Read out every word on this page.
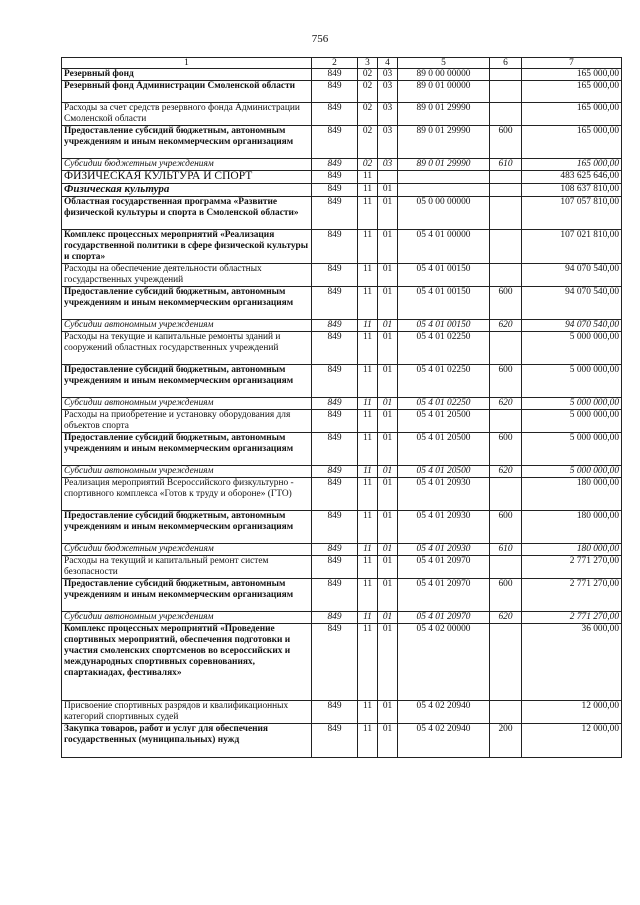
756
1	2	3	4	5	6	7
Резервный фонд	849	02	03	89 0 00 00000		165 000,00
Резервный фонд Администрации Смоленской области	849	02	03	89 0 01 00000		165 000,00
Расходы за счет средств резервного фонда Администрации Смоленской области	849	02	03	89 0 01 29990		165 000,00
Предоставление субсидий бюджетным, автономным учреждениям и иным некоммерческим организациям	849	02	03	89 0 01 29990	600	165 000,00
Субсидии бюджетным учреждениям	849	02	03	89 0 01 29990	610	165 000,00
ФИЗИЧЕСКАЯ КУЛЬТУРА И СПОРТ	849	11				483 625 646,00
Физическая культура	849	11	01			108 637 810,00
Областная государственная программа «Развитие физической культуры и спорта в Смоленской области»	849	11	01	05 0 00 00000		107 057 810,00
Комплекс процессных мероприятий «Реализация государственной политики в сфере физической культуры и спорта»	849	11	01	05 4 01 00000		107 021 810,00
Расходы на обеспечение деятельности областных государственных учреждений	849	11	01	05 4 01 00150		94 070 540,00
Предоставление субсидий бюджетным, автономным учреждениям и иным некоммерческим организациям	849	11	01	05 4 01 00150	600	94 070 540,00
Субсидии автономным учреждениям	849	11	01	05 4 01 00150	620	94 070 540,00
Расходы на текущие и капитальные ремонты зданий и сооружений областных государственных учреждений	849	11	01	05 4 01 02250		5 000 000,00
Предоставление субсидий бюджетным, автономным учреждениям и иным некоммерческим организациям	849	11	01	05 4 01 02250	600	5 000 000,00
Субсидии автономным учреждениям	849	11	01	05 4 01 02250	620	5 000 000,00
Расходы на приобретение и установку оборудования для объектов спорта	849	11	01	05 4 01 20500		5 000 000,00
Предоставление субсидий бюджетным, автономным учреждениям и иным некоммерческим организациям	849	11	01	05 4 01 20500	600	5 000 000,00
Субсидии автономным учреждениям	849	11	01	05 4 01 20500	620	5 000 000,00
Реализация мероприятий Всероссийского физкультурно - спортивного комплекса «Готов к труду и обороне» (ГТО)	849	11	01	05 4 01 20930		180 000,00
Предоставление субсидий бюджетным, автономным учреждениям и иным некоммерческим организациям	849	11	01	05 4 01 20930	600	180 000,00
Субсидии бюджетным учреждениям	849	11	01	05 4 01 20930	610	180 000,00
Расходы на текущий и капитальный ремонт систем безопасности	849	11	01	05 4 01 20970		2 771 270,00
Предоставление субсидий бюджетным, автономным учреждениям и иным некоммерческим организациям	849	11	01	05 4 01 20970	600	2 771 270,00
Субсидии автономным учреждениям	849	11	01	05 4 01 20970	620	2 771 270,00
Комплекс процессных мероприятий «Проведение спортивных мероприятий, обеспечения подготовки и участия смоленских спортсменов во всероссийских и международных спортивных соревнованиях, спартакиадах, фестивалях»	849	11	01	05 4 02 00000		36 000,00
Присвоение спортивных разрядов и квалификационных категорий спортивных судей	849	11	01	05 4 02 20940		12 000,00
Закупка товаров, работ и услуг для обеспечения государственных (муниципальных) нужд	849	11	01	05 4 02 20940	200	12 000,00
